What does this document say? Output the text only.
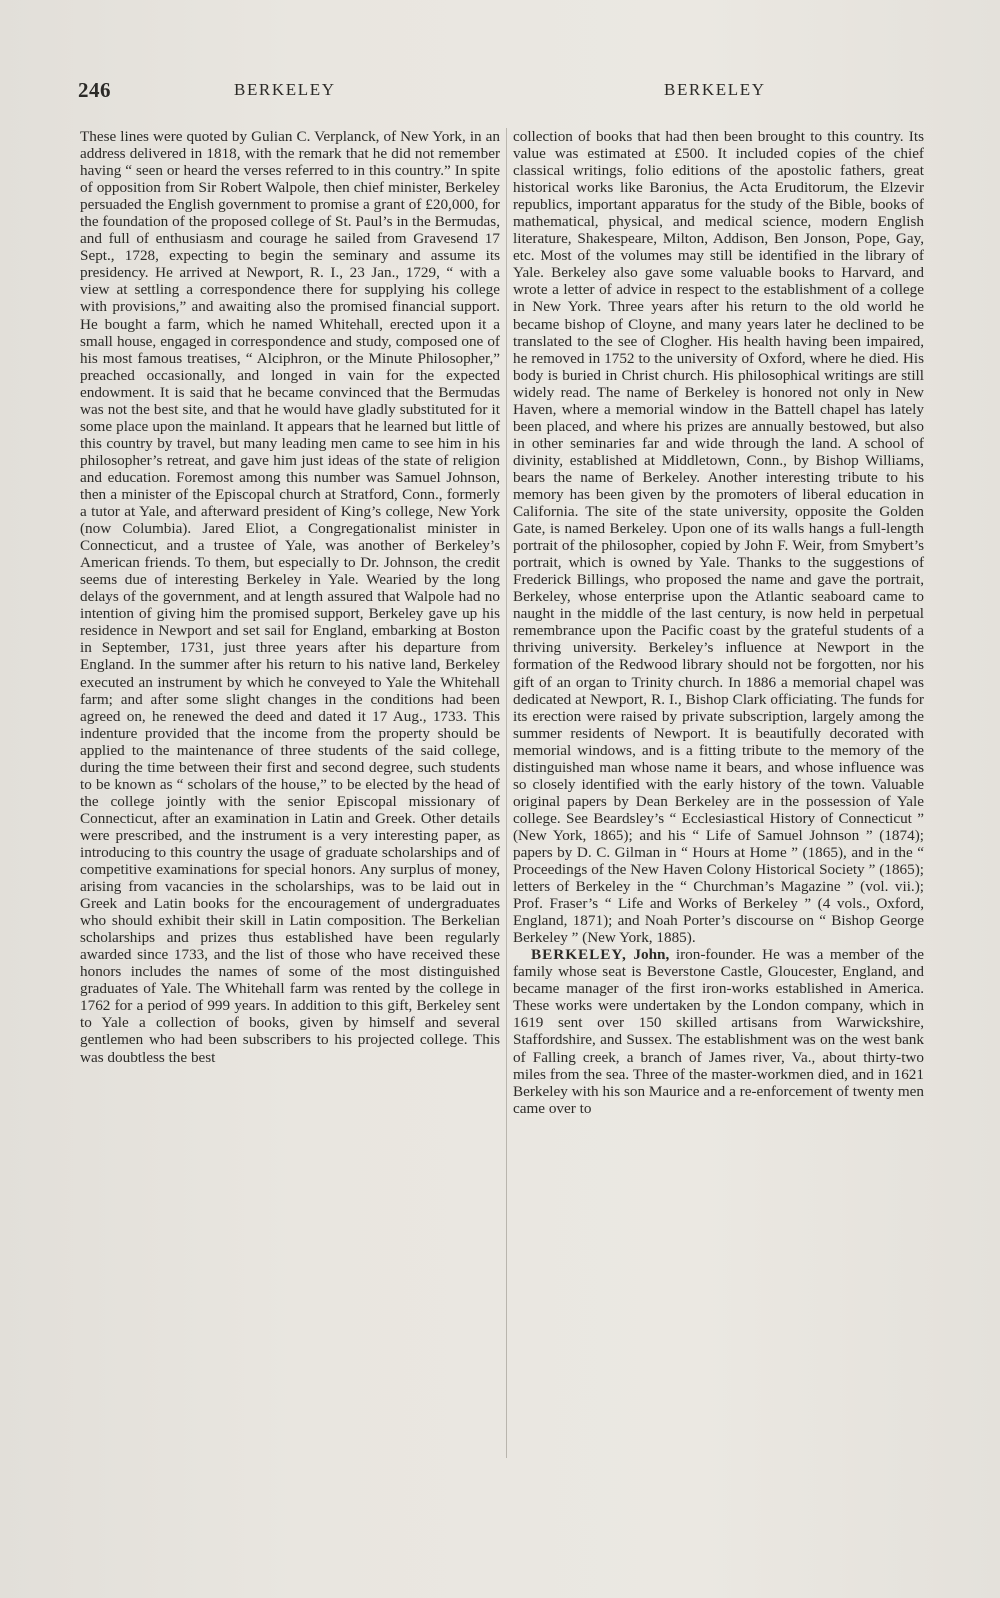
246	BERKELEY	BERKELEY

These lines were quoted by Gulian C. Verplanck, of New York, in an address delivered in 1818, with the remark that he did not remember having “ seen or heard the verses referred to in this country.” In spite of opposition from Sir Robert Walpole, then chief minister, Berkeley persuaded the English government to promise a grant of £20,000, for the foundation of the proposed college of St. Paul’s in the Bermudas, and full of enthusiasm and courage he sailed from Gravesend 17 Sept., 1728, expecting to begin the seminary and assume its presidency. He arrived at Newport, R. I., 23 Jan., 1729, “ with a view at settling a correspondence there for supplying his college with provisions,” and awaiting also the promised financial support. He bought a farm, which he named Whitehall, erected upon it a small house, engaged in correspondence and study, composed one of his most famous treatises, “ Alciphron, or the Minute Philosopher,” preached occasionally, and longed in vain for the expected endowment. It is said that he became convinced that the Bermudas was not the best site, and that he would have gladly substituted for it some place upon the mainland. It appears that he learned but little of this country by travel, but many leading men came to see him in his philosopher’s retreat, and gave him just ideas of the state of religion and education. Foremost among this number was Samuel Johnson, then a minister of the Episcopal church at Stratford, Conn., formerly a tutor at Yale, and afterward president of King’s college, New York (now Columbia). Jared Eliot, a Congregationalist minister in Connecticut, and a trustee of Yale, was another of Berkeley’s American friends. To them, but especially to Dr. Johnson, the credit seems due of interesting Berkeley in Yale. Wearied by the long delays of the government, and at length assured that Walpole had no intention of giving him the promised support, Berkeley gave up his residence in Newport and set sail for England, embarking at Boston in September, 1731, just three years after his departure from England. In the summer after his return to his native land, Berkeley executed an instrument by which he conveyed to Yale the Whitehall farm; and after some slight changes in the conditions had been agreed on, he renewed the deed and dated it 17 Aug., 1733. This indenture provided that the income from the property should be applied to the maintenance of three students of the said college, during the time between their first and second degree, such students to be known as “ scholars of the house,” to be elected by the head of the college jointly with the senior Episcopal missionary of Connecticut, after an examination in Latin and Greek. Other details were prescribed, and the instrument is a very interesting paper, as introducing to this country the usage of graduate scholarships and of competitive examinations for special honors. Any surplus of money, arising from vacancies in the scholarships, was to be laid out in Greek and Latin books for the encouragement of undergraduates who should exhibit their skill in Latin composition. The Berkelian scholarships and prizes thus established have been regularly awarded since 1733, and the list of those who have received these honors includes the names of some of the most distinguished graduates of Yale. The Whitehall farm was rented by the college in 1762 for a period of 999 years. In addition to this gift, Berkeley sent to Yale a collection of books, given by himself and several gentlemen who had been subscribers to his projected college. This was doubtless the best

collection of books that had then been brought to this country. Its value was estimated at £500. It included copies of the chief classical writings, folio editions of the apostolic fathers, great historical works like Baronius, the Acta Eruditorum, the Elzevir republics, important apparatus for the study of the Bible, books of mathematical, physical, and medical science, modern English literature, Shakespeare, Milton, Addison, Ben Jonson, Pope, Gay, etc. Most of the volumes may still be identified in the library of Yale. Berkeley also gave some valuable books to Harvard, and wrote a letter of advice in respect to the establishment of a college in New York. Three years after his return to the old world he became bishop of Cloyne, and many years later he declined to be translated to the see of Clogher. His health having been impaired, he removed in 1752 to the university of Oxford, where he died. His body is buried in Christ church. His philosophical writings are still widely read. The name of Berkeley is honored not only in New Haven, where a memorial window in the Battell chapel has lately been placed, and where his prizes are annually bestowed, but also in other seminaries far and wide through the land. A school of divinity, established at Middletown, Conn., by Bishop Williams, bears the name of Berkeley. Another interesting tribute to his memory has been given by the promoters of liberal education in California. The site of the state university, opposite the Golden Gate, is named Berkeley. Upon one of its walls hangs a full-length portrait of the philosopher, copied by John F. Weir, from Smybert’s portrait, which is owned by Yale. Thanks to the suggestions of Frederick Billings, who proposed the name and gave the portrait, Berkeley, whose enterprise upon the Atlantic seaboard came to naught in the middle of the last century, is now held in perpetual remembrance upon the Pacific coast by the grateful students of a thriving university. Berkeley’s influence at Newport in the formation of the Redwood library should not be forgotten, nor his gift of an organ to Trinity church. In 1886 a memorial chapel was dedicated at Newport, R. I., Bishop Clark officiating. The funds for its erection were raised by private subscription, largely among the summer residents of Newport. It is beautifully decorated with memorial windows, and is a fitting tribute to the memory of the distinguished man whose name it bears, and whose influence was so closely identified with the early history of the town. Valuable original papers by Dean Berkeley are in the possession of Yale college. See Beardsley’s “ Ecclesiastical History of Connecticut ” (New York, 1865); and his “ Life of Samuel Johnson ” (1874); papers by D. C. Gilman in “ Hours at Home ” (1865), and in the “ Proceedings of the New Haven Colony Historical Society ” (1865); letters of Berkeley in the “ Churchman’s Magazine ” (vol. vii.); Prof. Fraser’s “ Life and Works of Berkeley ” (4 vols., Oxford, England, 1871); and Noah Porter’s discourse on “ Bishop George Berkeley ” (New York, 1885).

BERKELEY, John, iron-founder. He was a member of the family whose seat is Beverstone Castle, Gloucester, England, and became manager of the first iron-works established in America. These works were undertaken by the London company, which in 1619 sent over 150 skilled artisans from Warwickshire, Staffordshire, and Sussex. The establishment was on the west bank of Falling creek, a branch of James river, Va., about thirty-two miles from the sea. Three of the master-workmen died, and in 1621 Berkeley with his son Maurice and a re-enforcement of twenty men came over to
